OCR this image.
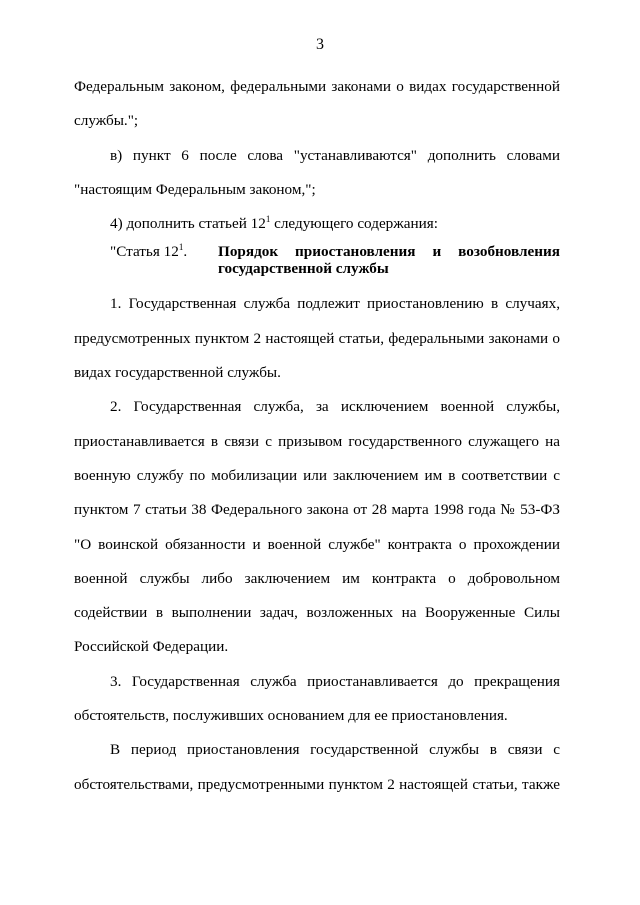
3

Федеральным законом, федеральными законами о видах государственной службы.";

в) пункт 6 после слова "устанавливаются" дополнить словами "настоящим Федеральным законом,";

4) дополнить статьей $12^1$ следующего содержания:

"Статья $12^1$.	Порядок приостановления и возобновления государственной службы

1. Государственная служба подлежит приостановлению в случаях, предусмотренных пунктом 2 настоящей статьи, федеральными законами о видах государственной службы.

2. Государственная служба, за исключением военной службы, приостанавливается в связи с призывом государственного служащего на военную службу по мобилизации или заключением им в соответствии с пунктом 7 статьи 38 Федерального закона от 28 марта 1998 года № 53-ФЗ "О воинской обязанности и военной службе" контракта о прохождении военной службы либо заключением им контракта о добровольном содействии в выполнении задач, возложенных на Вооруженные Силы Российской Федерации.

3. Государственная служба приостанавливается до прекращения обстоятельств, послуживших основанием для ее приостановления.

В период приостановления государственной службы в связи с обстоятельствами, предусмотренными пунктом 2 настоящей статьи, также
